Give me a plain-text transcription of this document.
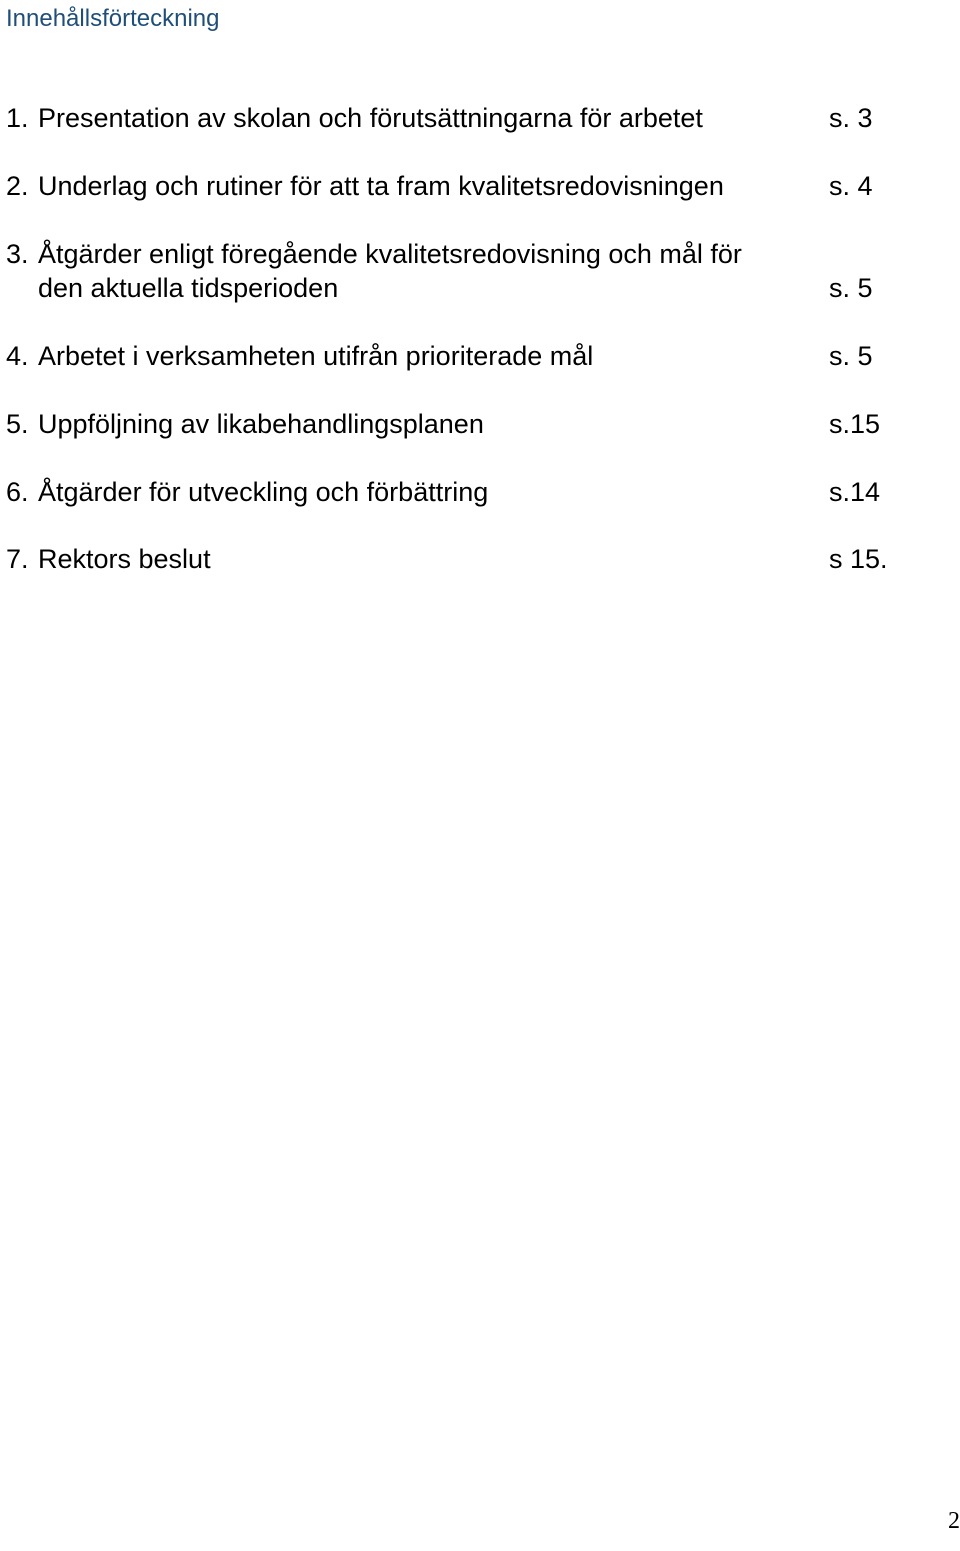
Innehållsförteckning
1. Presentation av skolan och förutsättningarna för arbetet	s. 3
2. Underlag och rutiner för att ta fram kvalitetsredovisningen	s. 4
3. Åtgärder enligt föregående kvalitetsredovisning och mål för
den aktuella tidsperioden	s. 5
4. Arbetet i verksamheten utifrån prioriterade mål	s. 5
5. Uppföljning av likabehandlingsplanen	s.15
6. Åtgärder för utveckling och förbättring	s.14
7. Rektors beslut	s 15.
2
